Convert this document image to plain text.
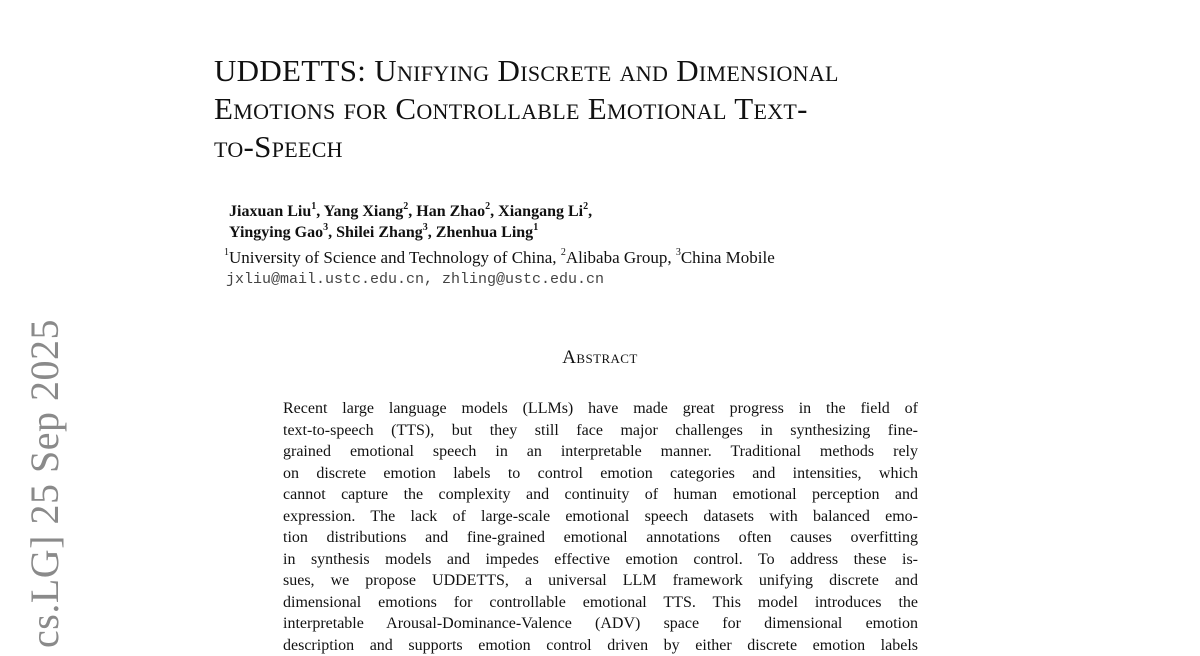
UDDETTS: Unifying Discrete and Dimensional
Emotions for Controllable Emotional Text-
to-Speech
Jiaxuan Liu$^1$, Yang Xiang$^2$, Han Zhao$^2$, Xiangang Li$^2$,
Yingying Gao$^3$, Shilei Zhang$^3$, Zhenhua Ling$^1$
$^1$University of Science and Technology of China, $^2$Alibaba Group, $^3$China Mobile
jxliu@mail.ustc.edu.cn, zhling@ustc.edu.cn
cs.LG] 25 Sep 2025	Abstract
Recent large language models (LLMs) have made great progress in the field of
text-to-speech (TTS), but they still face major challenges in synthesizing fine-
grained emotional speech in an interpretable manner. Traditional methods rely
on discrete emotion labels to control emotion categories and intensities, which
cannot capture the complexity and continuity of human emotional perception and
expression. The lack of large-scale emotional speech datasets with balanced emo-
tion distributions and fine-grained emotional annotations often causes overfitting
in synthesis models and impedes effective emotion control. To address these is-
sues, we propose UDDETTS, a universal LLM framework unifying discrete and
dimensional emotions for controllable emotional TTS. This model introduces the
interpretable Arousal-Dominance-Valence (ADV) space for dimensional emotion
description and supports emotion control driven by either discrete emotion labels
